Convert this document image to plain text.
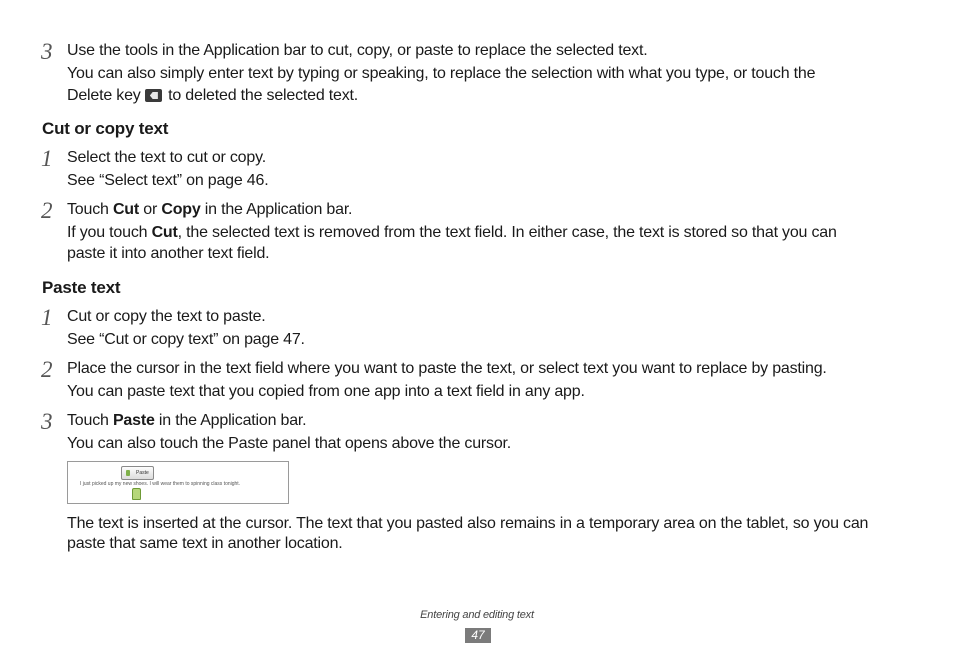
3 Use the tools in the Application bar to cut, copy, or paste to replace the selected text.
You can also simply enter text by typing or speaking, to replace the selection with what you type, or touch the
Delete key to deleted the selected text.
Cut or copy text
1 Select the text to cut or copy.
See “Select text” on page 46.
2 Touch Cut or Copy in the Application bar.
If you touch Cut, the selected text is removed from the text field. In either case, the text is stored so that you can
paste it into another text field.
Paste text
1 Cut or copy the text to paste.
See “Cut or copy text” on page 47.
2 Place the cursor in the text field where you want to paste the text, or select text you want to replace by pasting.
You can paste text that you copied from one app into a text field in any app.
3 Touch Paste in the Application bar.
You can also touch the Paste panel that opens above the cursor.
Paste
I just picked up my new shoes. I will wear them to spinning class tonight.
The text is inserted at the cursor. The text that you pasted also remains in a temporary area on the tablet, so you can
paste that same text in another location.
Entering and editing text
47
